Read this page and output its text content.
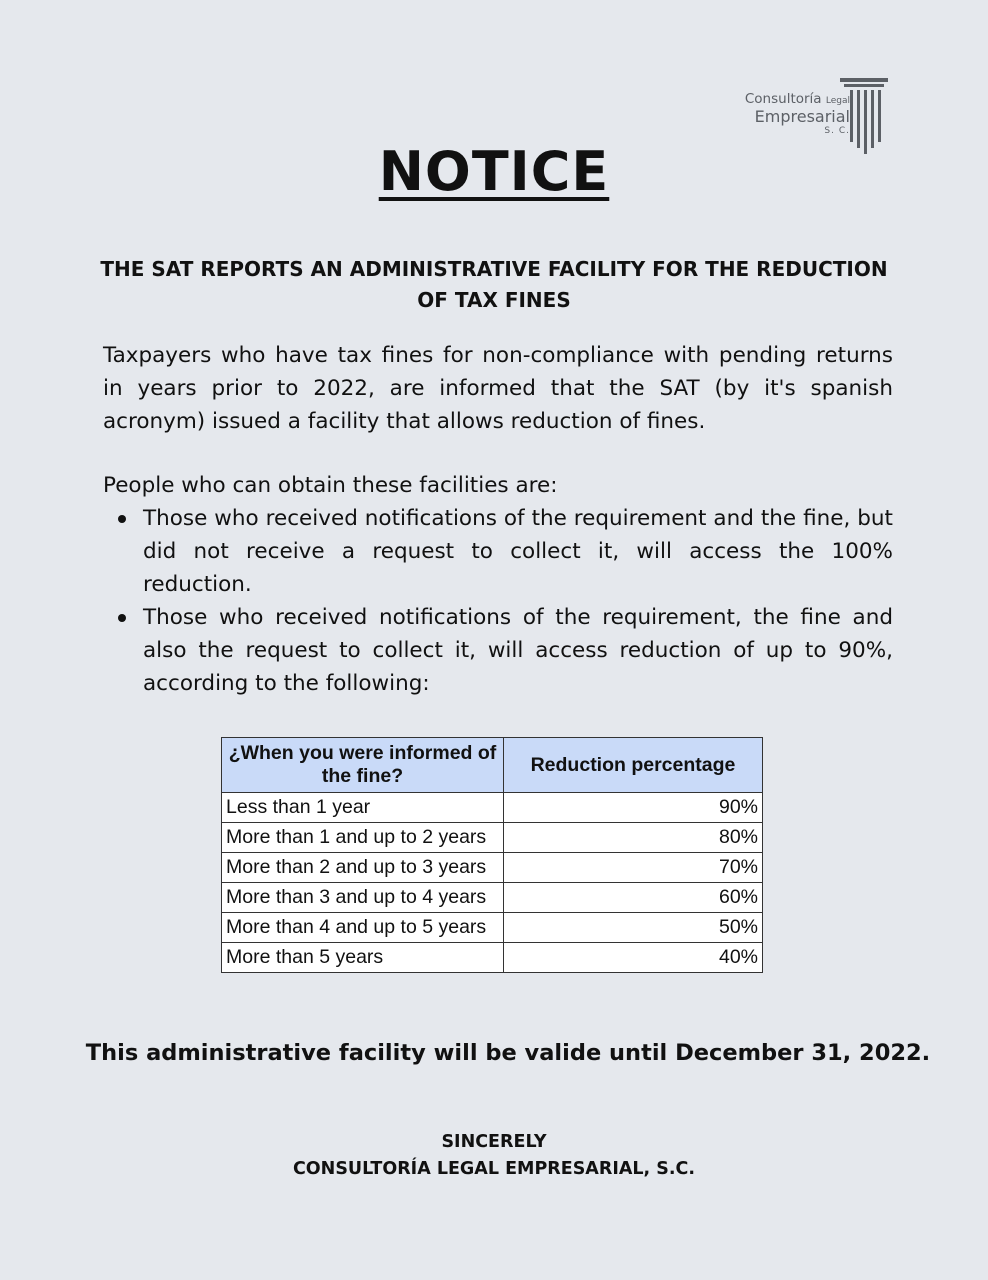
Consultoría Legal
Empresarial
S. C.
NOTICE
THE SAT REPORTS AN ADMINISTRATIVE FACILITY FOR THE REDUCTION OF TAX FINES

Taxpayers who have tax fines for non-compliance with pending returns in years prior to 2022, are informed that the SAT (by it's spanish acronym) issued a facility that allows reduction of fines.

People who can obtain these facilities are:

Those who received notifications of the requirement and the fine, but did not receive a request to collect it, will access the 100% reduction.
Those who received notifications of the requirement, the fine and also the request to collect it, will access reduction of up to 90%, according to the following:
¿When you were informed of the fine?	Reduction percentage
Less than 1 year	90%
More than 1 and up to 2 years	80%
More than 2 and up to 3 years	70%
More than 3 and up to 4 years	60%
More than 4 and up to 5 years	50%
More than 5 years	40%

This administrative facility will be valide until December 31, 2022.

SINCERELY
CONSULTORÍA LEGAL EMPRESARIAL, S.C.
